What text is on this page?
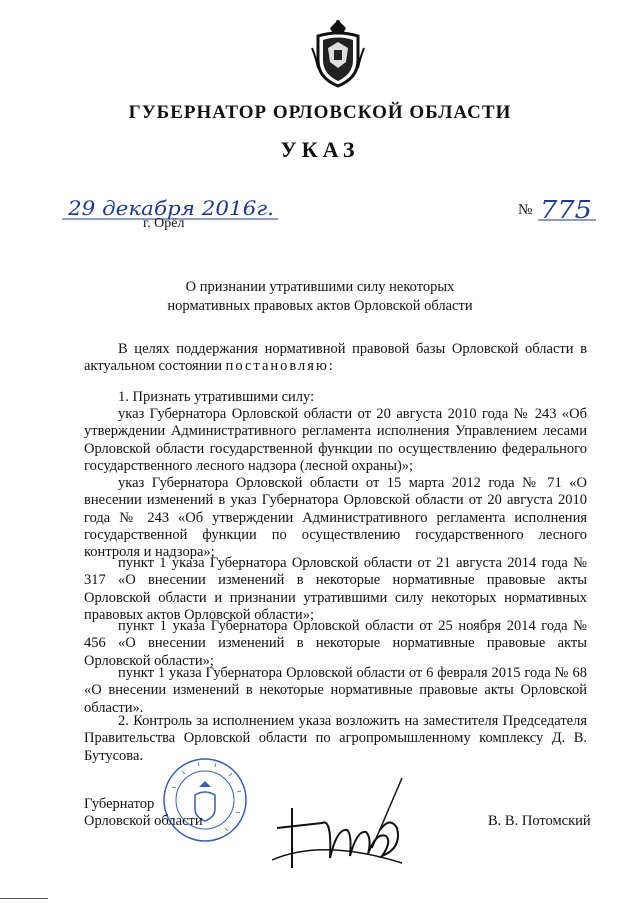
ГУБЕРНАТОР ОРЛОВСКОЙ ОБЛАСТИ
УКАЗ
29 декабря 2016г.
г. Орёл
№ 775
О признании утратившими силу некоторых
нормативных правовых актов Орловской области

В целях поддержания нормативной правовой базы Орловской области в актуальном состоянии постановляю:

1. Признать утратившими силу:

указ Губернатора Орловской области от 20 августа 2010 года № 243 «Об утверждении Административного регламента исполнения Управлением лесами Орловской области государственной функции по осуществлению федерального государственного лесного надзора (лесной охраны)»;

указ Губернатора Орловской области от 15 марта 2012 года № 71 «О внесении изменений в указ Губернатора Орловской области от 20 августа 2010 года № 243 «Об утверждении Административного регламента исполнения государственной функции по осуществлению государственного лесного контроля и надзора»;

пункт 1 указа Губернатора Орловской области от 21 августа 2014 года № 317 «О внесении изменений в некоторые нормативные правовые акты Орловской области и признании утратившими силу некоторых нормативных правовых актов Орловской области»;

пункт 1 указа Губернатора Орловской области от 25 ноября 2014 года № 456 «О внесении изменений в некоторые нормативные правовые акты Орловской области»;

пункт 1 указа Губернатора Орловской области от 6 февраля 2015 года № 68 «О внесении изменений в некоторые нормативные правовые акты Орловской области».

2. Контроль за исполнением указа возложить на заместителя Председателя Правительства Орловской области по агропромышленному комплексу Д. В. Бутусова.

Губернатор
Орловской области	В. В. Потомский
